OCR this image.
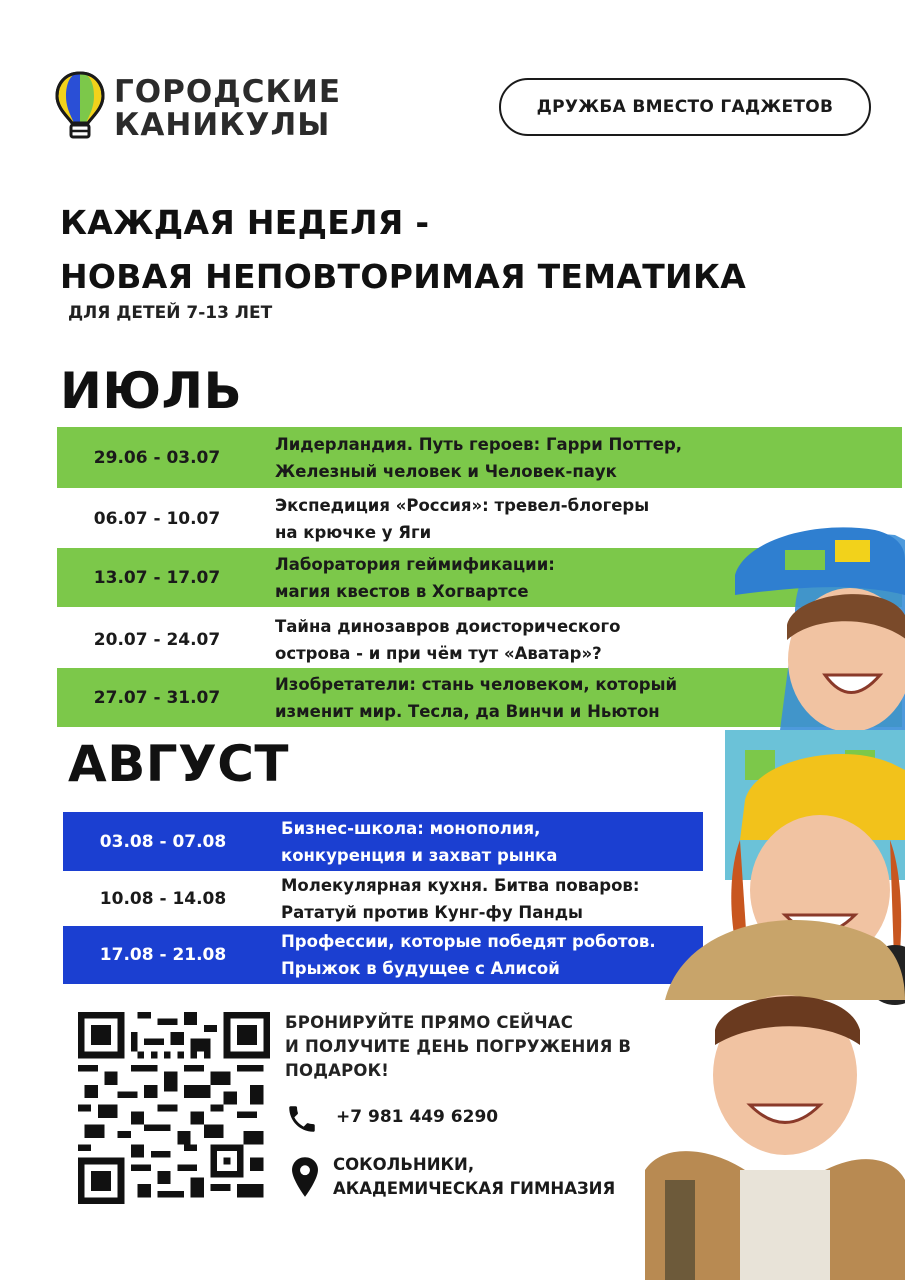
ГОРОДСКИЕ
КАНИКУЛЫ	ДРУЖБА ВМЕСТО ГАДЖЕТОВ
КАЖДАЯ НЕДЕЛЯ -
НОВАЯ НЕПОВТОРИМАЯ ТЕМАТИКА
ДЛЯ ДЕТЕЙ 7-13 ЛЕТ
ИЮЛЬ
29.06 - 03.07
Лидерландия. Путь героев: Гарри Поттер,
Железный человек и Человек-паук
06.07 - 10.07
Экспедиция «Россия»: тревел-блогеры
на крючке у Яги
13.07 - 17.07
Лаборатория геймификации:
магия квестов в Хогвартсе
20.07 - 24.07
Тайна динозавров доисторического
острова - и при чём тут «Аватар»?
27.07 - 31.07
Изобретатели: стань человеком, который
изменит мир. Тесла, да Винчи и Ньютон
АВГУСТ
03.08 - 07.08
Бизнес-школа: монополия,
конкуренция и захват рынка
10.08 - 14.08
Молекулярная кухня. Битва поваров:
Рататуй против Кунг-фу Панды
17.08 - 21.08
Профессии, которые победят роботов.
Прыжок в будущее с Алисой
БРОНИРУЙТЕ ПРЯМО СЕЙЧАС
И ПОЛУЧИТЕ ДЕНЬ ПОГРУЖЕНИЯ В
ПОДАРОК!
+7 981 449 6290
СОКОЛЬНИКИ,
АКАДЕМИЧЕСКАЯ ГИМНАЗИЯ
